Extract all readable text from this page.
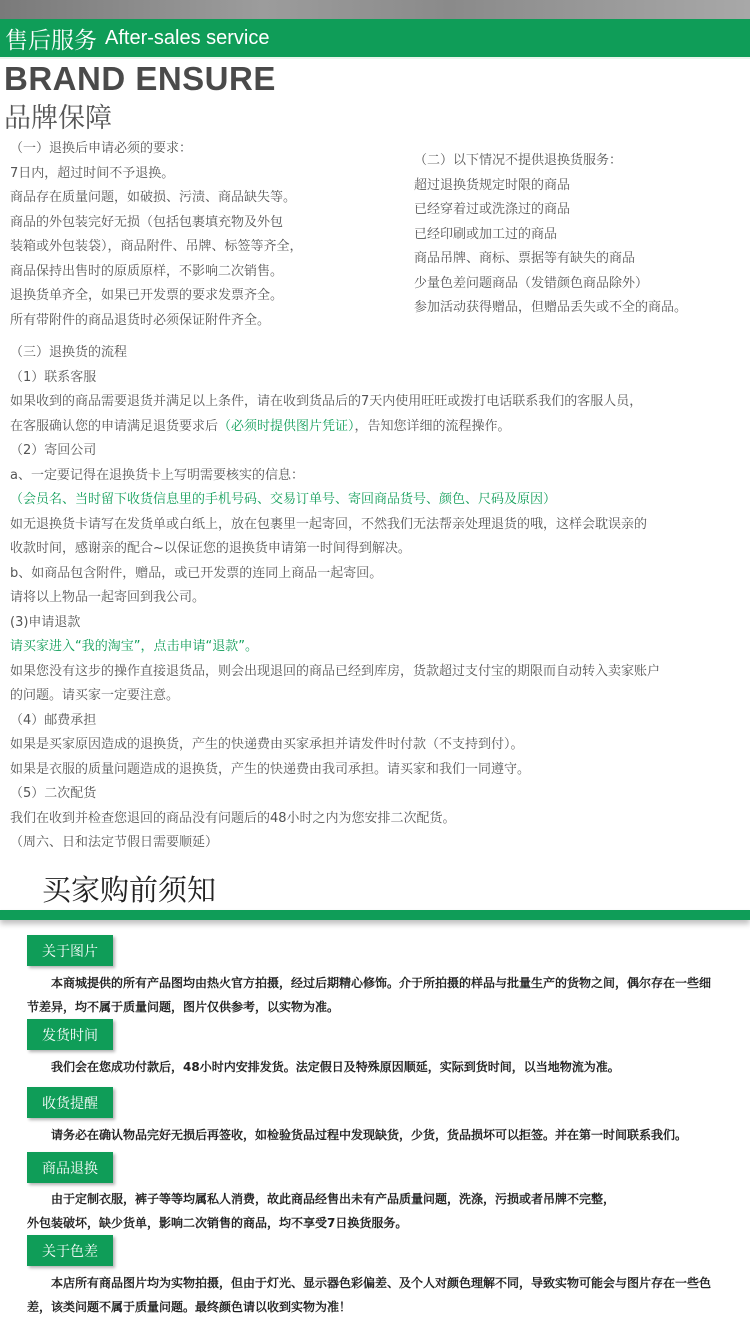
售后服务 After-sales service
BRAND ENSURE
品牌保障
（一）退换后申请必须的要求：
7日内，超过时间不予退换。
商品存在质量问题，如破损、污渍、商品缺失等。
商品的外包装完好无损（包括包裹填充物及外包
装箱或外包装袋），商品附件、吊牌、标签等齐全，
商品保持出售时的原质原样，不影响二次销售。
退换货单齐全，如果已开发票的要求发票齐全。
所有带附件的商品退货时必须保证附件齐全。
（二）以下情况不提供退换货服务：
超过退换货规定时限的商品
已经穿着过或洗涤过的商品
已经印刷或加工过的商品
商品吊牌、商标、票据等有缺失的商品
少量色差问题商品（发错颜色商品除外）
参加活动获得赠品，但赠品丢失或不全的商品。
（三）退换货的流程
（1）联系客服
如果收到的商品需要退货并满足以上条件，请在收到货品后的7天内使用旺旺或拨打电话联系我们的客服人员，
在客服确认您的申请满足退货要求后（必须时提供图片凭证），告知您详细的流程操作。
（2）寄回公司
a、一定要记得在退换货卡上写明需要核实的信息：
（会员名、当时留下收货信息里的手机号码、交易订单号、寄回商品货号、颜色、尺码及原因）
如无退换货卡请写在发货单或白纸上，放在包裹里一起寄回，不然我们无法帮亲处理退货的哦，这样会耽误亲的
收款时间，感谢亲的配合~以保证您的退换货申请第一时间得到解决。
b、如商品包含附件，赠品，或已开发票的连同上商品一起寄回。
请将以上物品一起寄回到我公司。
(3)申请退款
请买家进入“我的淘宝”，点击申请“退款”。
如果您没有这步的操作直接退货品，则会出现退回的商品已经到库房，货款超过支付宝的期限而自动转入卖家账户
的问题。请买家一定要注意。
（4）邮费承担
如果是买家原因造成的退换货，产生的快递费由买家承担并请发件时付款（不支持到付）。
如果是衣服的质量问题造成的退换货，产生的快递费由我司承担。请买家和我们一同遵守。
（5）二次配货
我们在收到并检查您退回的商品没有问题后的48小时之内为您安排二次配货。
（周六、日和法定节假日需要顺延）
买家购前须知
关于图片
本商城提供的所有产品图均由热火官方拍摄，经过后期精心修饰。介于所拍摄的样品与批量生产的货物之间，偶尔存在一些细
节差异，均不属于质量问题，图片仅供参考，以实物为准。
发货时间
我们会在您成功付款后，48小时内安排发货。法定假日及特殊原因顺延，实际到货时间，以当地物流为准。
收货提醒
请务必在确认物品完好无损后再签收，如检验货品过程中发现缺货，少货，货品损坏可以拒签。并在第一时间联系我们。
商品退换
由于定制衣服，裤子等等均属私人消费，故此商品经售出未有产品质量问题，洗涤，污损或者吊牌不完整，
外包装破坏，缺少货单，影响二次销售的商品，均不享受7日换货服务。
关于色差
本店所有商品图片均为实物拍摄，但由于灯光、显示器色彩偏差、及个人对颜色理解不同，导致实物可能会与图片存在一些色
差，该类问题不属于质量问题。最终颜色请以收到实物为准！
